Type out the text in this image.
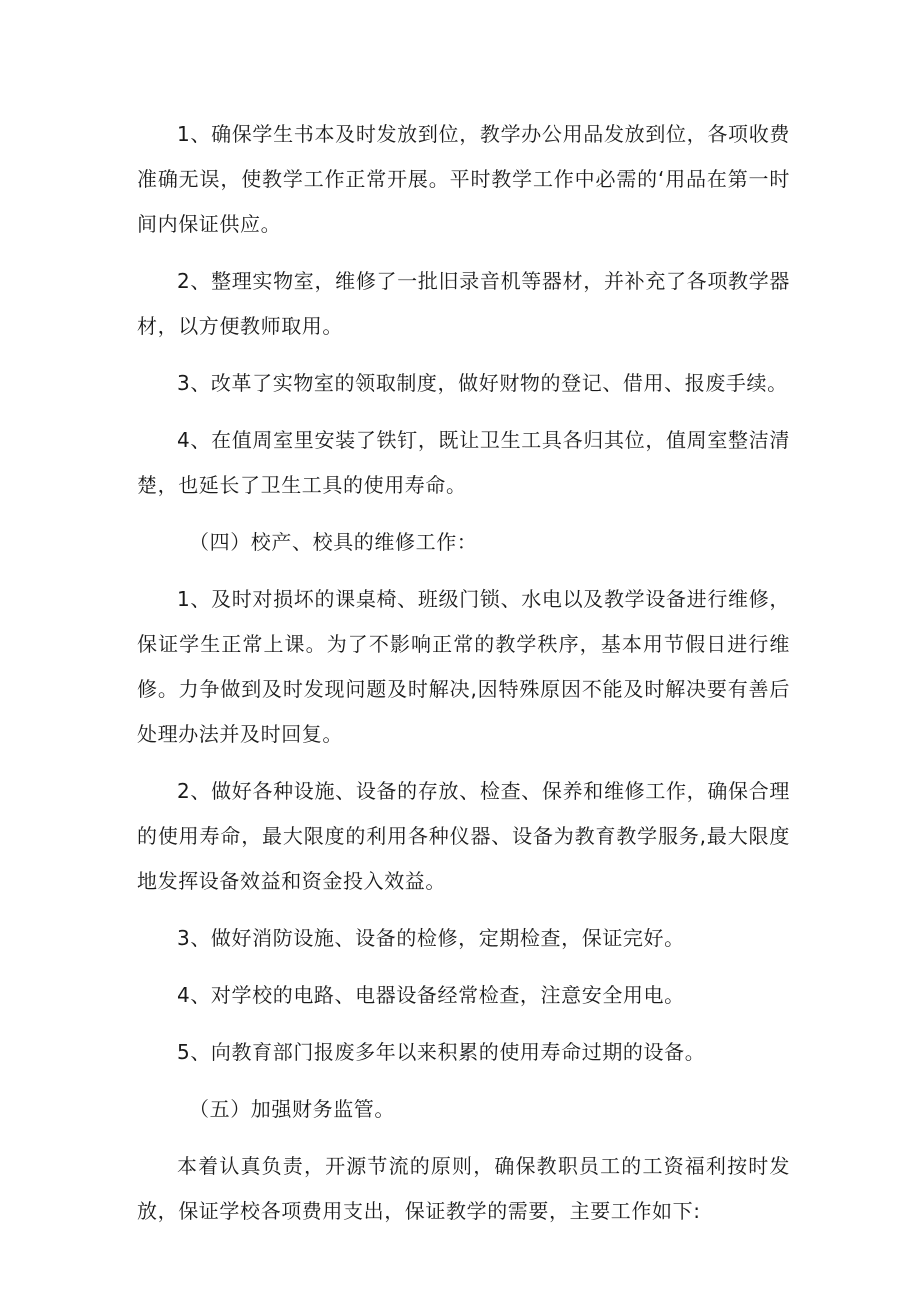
1、确保学生书本及时发放到位，教学办公用品发放到位，各项收费准确无误，使教学工作正常开展。平时教学工作中必需的‘用品在第一时间内保证供应。

2、整理实物室，维修了一批旧录音机等器材，并补充了各项教学器材，以方便教师取用。

3、改革了实物室的领取制度，做好财物的登记、借用、报废手续。

4、在值周室里安装了铁钉，既让卫生工具各归其位，值周室整洁清楚，也延长了卫生工具的使用寿命。

（四）校产、校具的维修工作：

1、及时对损坏的课桌椅、班级门锁、水电以及教学设备进行维修，保证学生正常上课。为了不影响正常的教学秩序，基本用节假日进行维修。力争做到及时发现问题及时解决,因特殊原因不能及时解决要有善后处理办法并及时回复。

2、做好各种设施、设备的存放、检查、保养和维修工作，确保合理的使用寿命，最大限度的利用各种仪器、设备为教育教学服务,最大限度地发挥设备效益和资金投入效益。

3、做好消防设施、设备的检修，定期检查，保证完好。

4、对学校的电路、电器设备经常检查，注意安全用电。

5、向教育部门报废多年以来积累的使用寿命过期的设备。

（五）加强财务监管。

本着认真负责，开源节流的原则，确保教职员工的工资福利按时发放，保证学校各项费用支出，保证教学的需要，主要工作如下:
